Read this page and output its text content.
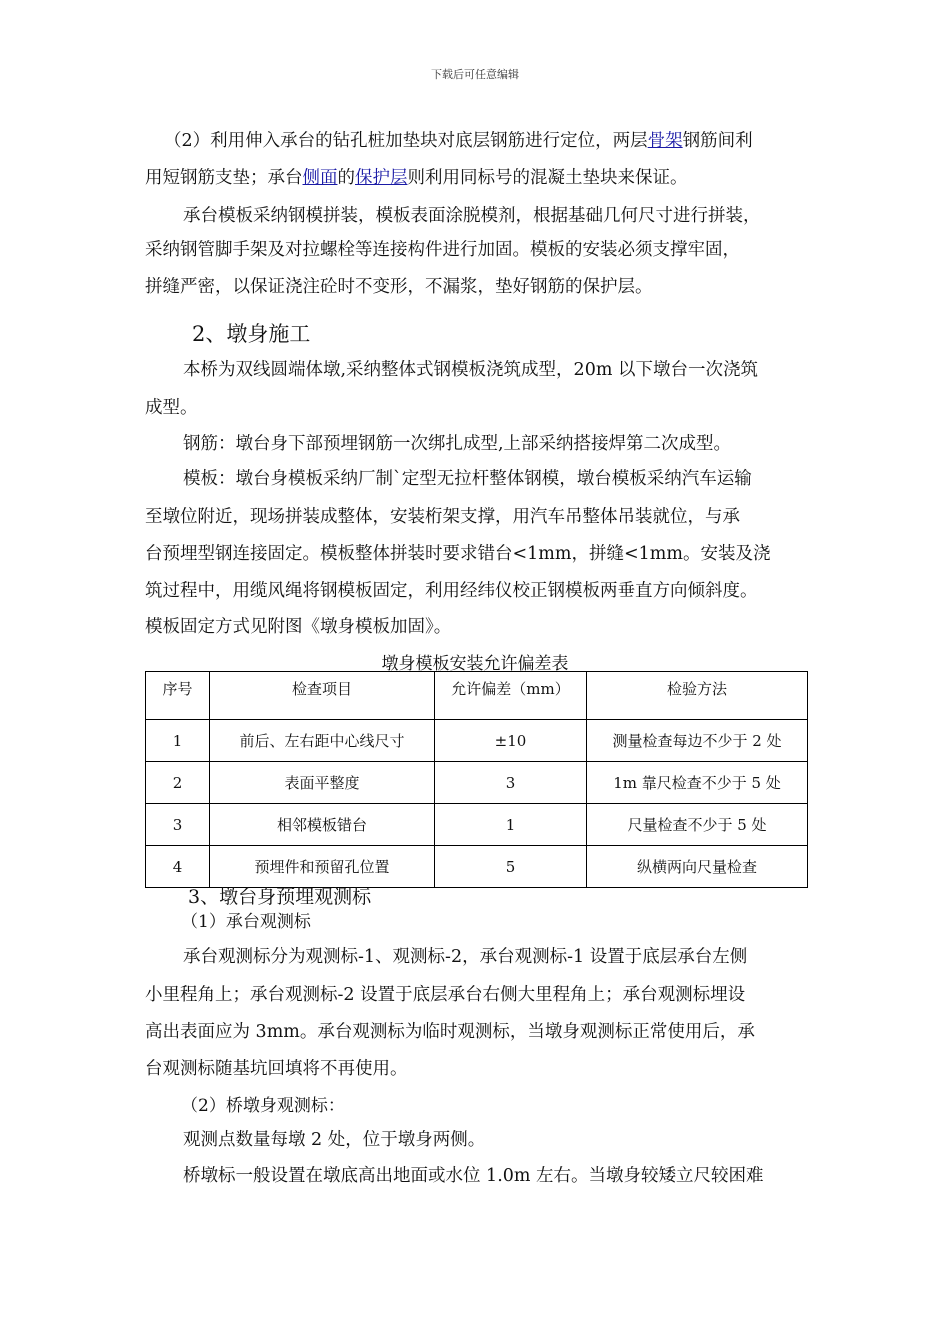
下载后可任意编辑
（2）利用伸入承台的钻孔桩加垫块对底层钢筋进行定位，两层骨架钢筋间利
用短钢筋支垫；承台侧面的保护层则利用同标号的混凝土垫块来保证。
承台模板采纳钢模拼装，模板表面涂脱模剂，根据基础几何尺寸进行拼装，
采纳钢管脚手架及对拉螺栓等连接构件进行加固。模板的安装必须支撑牢固，
拼缝严密，以保证浇注砼时不变形，不漏浆，垫好钢筋的保护层。
2、墩身施工
本桥为双线圆端体墩,采纳整体式钢模板浇筑成型，20m 以下墩台一次浇筑
成型。
钢筋：墩台身下部预埋钢筋一次绑扎成型,上部采纳搭接焊第二次成型。
模板：墩台身模板采纳厂制`定型无拉杆整体钢模，墩台模板采纳汽车运输
至墩位附近，现场拼装成整体，安装桁架支撑，用汽车吊整体吊装就位，与承
台预埋型钢连接固定。模板整体拼装时要求错台<1mm，拼缝<1mm。安装及浇
筑过程中，用缆风绳将钢模板固定，利用经纬仪校正钢模板两垂直方向倾斜度。
模板固定方式见附图《墩身模板加固》。
墩身模板安装允许偏差表
序号	检查项目	允许偏差（mm）	检验方法
1	前后、左右距中心线尺寸	±10	测量检查每边不少于 2 处
2	表面平整度	3	1m 靠尺检查不少于 5 处
3	相邻模板错台	1	尺量检查不少于 5 处
4	预埋件和预留孔位置	5	纵横两向尺量检查
3、墩台身预埋观测标
（1）承台观测标
承台观测标分为观测标-1、观测标-2，承台观测标-1 设置于底层承台左侧
小里程角上；承台观测标-2 设置于底层承台右侧大里程角上；承台观测标埋设
高出表面应为 3mm。承台观测标为临时观测标，当墩身观测标正常使用后，承
台观测标随基坑回填将不再使用。
（2）桥墩身观测标：
观测点数量每墩 2 处，位于墩身两侧。
桥墩标一般设置在墩底高出地面或水位 1.0m 左右。当墩身较矮立尺较困难
